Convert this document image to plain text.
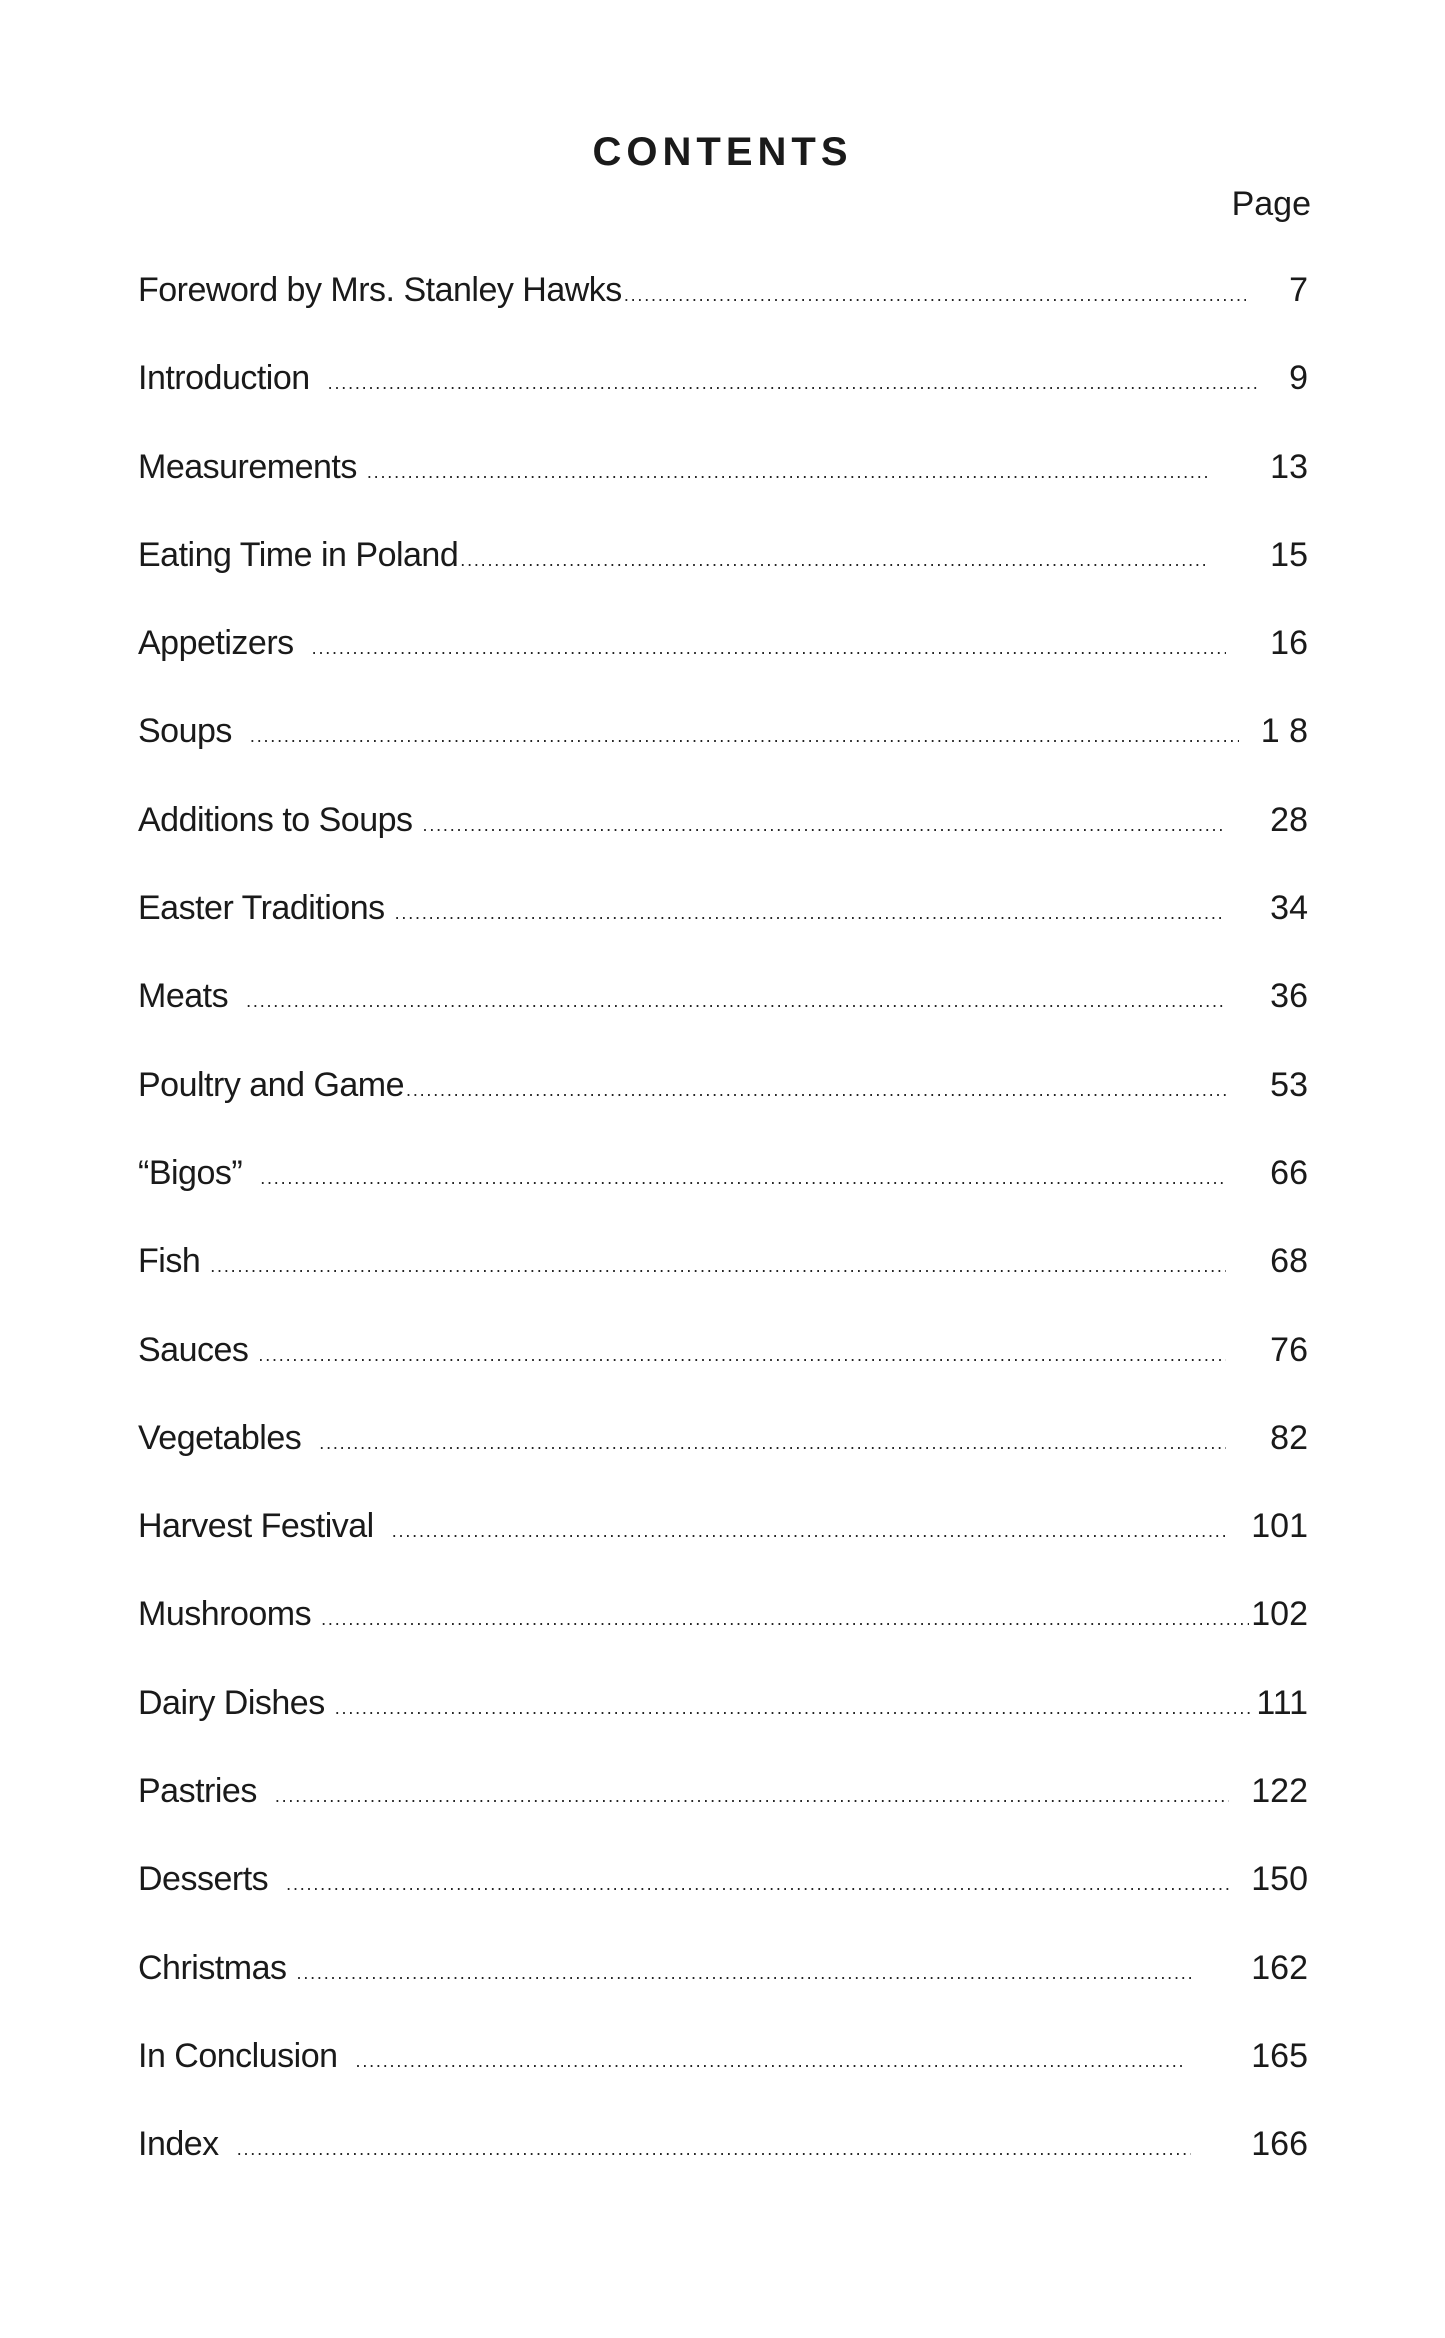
CONTENTS
Page
Foreword by Mrs. Stanley Hawks . . .	7
Introduction . . .	9
Measurements . . .	13
Eating Time in Poland . . .	15
Appetizers . . .	16
Soups . . .	1 8
Additions to Soups . . .	28
Easter Traditions . . .	34
Meats . . .	36
Poultry and Game . . .	53
“Bigos” . . .	66
Fish . . .	68
Sauces . . .	76
Vegetables . . .	82
Harvest Festival . . .	101
Mushrooms . . .	102
Dairy Dishes . . .	111
Pastries . . .	122
Desserts . . .	150
Christmas . . .	162
In Conclusion . . .	165
Index . . .	166
